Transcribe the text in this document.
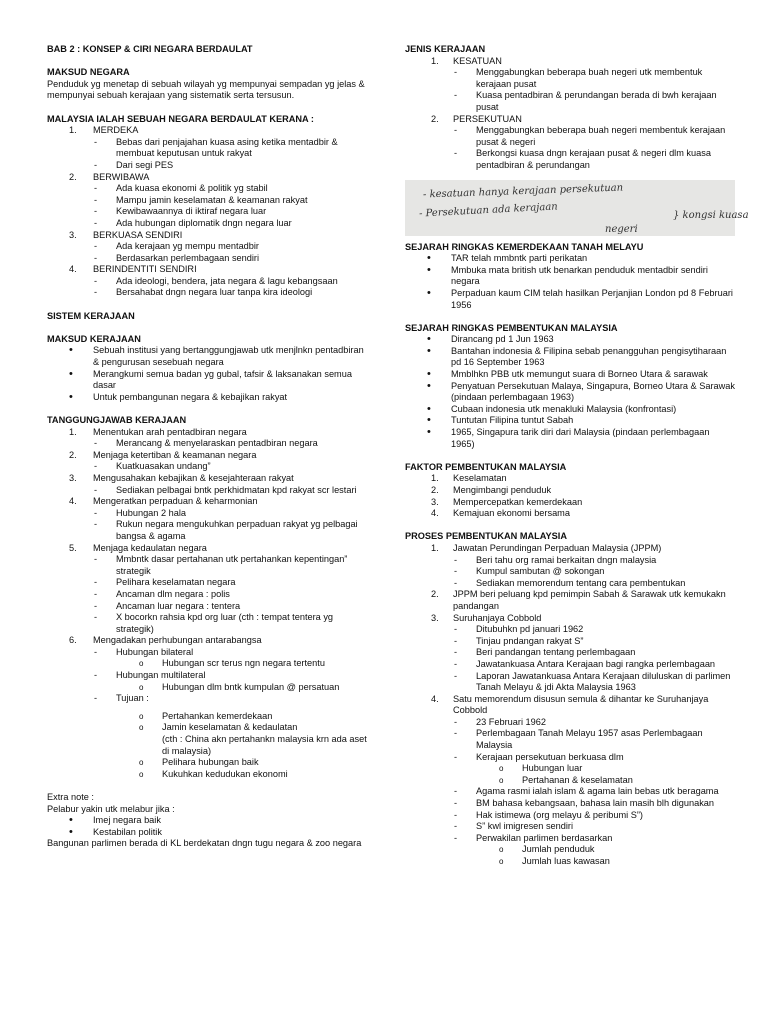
BAB 2 : KONSEP & CIRI NEGARA BERDAULAT

MAKSUD NEGARA

Penduduk yg menetap di sebuah wilayah yg mempunyai sempadan yg jelas & mempunyai sebuah kerajaan yang sistematik serta tersusun.

MALAYSIA IALAH SEBUAH NEGARA BERDAULAT KERANA :

1. MERDEKA
- Bebas dari penjajahan kuasa asing ketika mentadbir & membuat keputusan untuk rakyat
- Dari segi PES
2. BERWIBAWA
- Ada kuasa ekonomi & politik yg stabil
- Mampu jamin keselamatan & keamanan rakyat
- Kewibawaannya di iktiraf negara luar
- Ada hubungan diplomatik dngn negara luar
3. BERKUASA SENDIRI
- Ada kerajaan yg mempu mentadbir
- Berdasarkan perlembagaan sendiri
4. BERINDENTITI SENDIRI
- Ada ideologi, bendera, jata negara & lagu kebangsaan
- Bersahabat dngn negara luar tanpa kira ideologi

SISTEM KERAJAAN

MAKSUD KERAJAAN

• Sebuah institusi yang bertanggungjawab utk menjlnkn pentadbiran & pengurusan sesebuah negara
• Merangkumi semua badan yg gubal, tafsir & laksanakan semua dasar
• Untuk pembangunan negara & kebajikan rakyat

TANGGUNGJAWAB KERAJAAN

1. Menentukan arah pentadbiran negara
- Merancang & menyelaraskan pentadbiran negara
2. Menjaga ketertiban & keamanan negara
- Kuatkuasakan undang”
3. Mengusahakan kebajikan & kesejahteraan rakyat
- Sediakan pelbagai bntk perkhidmatan kpd rakyat scr lestari
4. Mengeratkan perpaduan & keharmonian
- Hubungan 2 hala
- Rukun negara mengukuhkan perpaduan rakyat yg pelbagai bangsa & agama
5. Menjaga kedaulatan negara
- Mmbntk dasar pertahanan utk pertahankan kepentingan” strategik
- Pelihara keselamatan negara
- Ancaman dlm negara : polis
- Ancaman luar negara : tentera
- X bocorkn rahsia kpd org luar (cth : tempat tentera yg strategik)
6. Mengadakan perhubungan antarabangsa
- Hubungan bilateral
o Hubungan scr terus ngn negara tertentu
- Hubungan multilateral
o Hubungan dlm bntk kumpulan @ persatuan
- Tujuan :
o Pertahankan kemerdekaan
o Jamin keselamatan & kedaulatan
(cth : China akn pertahankn malaysia krn ada aset di malaysia)
o Pelihara hubungan baik
o Kukuhkan kedudukan ekonomi

Extra note :

Pelabur yakin utk melabur jika :

• Imej negara baik
• Kestabilan politik

Bangunan parlimen berada di KL berdekatan dngn tugu negara & zoo negara

JENIS KERAJAAN

1. KESATUAN
- Menggabungkan beberapa buah negeri utk membentuk kerajaan pusat
- Kuasa pentadbiran & perundangan berada di bwh kerajaan pusat
2. PERSEKUTUAN
- Menggabungkan beberapa buah negeri membentuk kerajaan pusat & negeri
- Berkongsi kuasa dngn kerajaan pusat & negeri dlm kuasa pentadbiran & perundangan
- kesatuan hanya kerajaan persekutuan
- Persekutuan ada kerajaan
negeri
} kongsi kuasa

SEJARAH RINGKAS KEMERDEKAAN TANAH MELAYU

• TAR telah mmbntk parti perikatan
• Mmbuka mata british utk benarkan penduduk mentadbir sendiri negara
• Perpaduan kaum CIM telah hasilkan Perjanjian London pd 8 Februari 1956

SEJARAH RINGKAS PEMBENTUKAN MALAYSIA

• Dirancang pd 1 Jun 1963
• Bantahan indonesia & Filipina sebab penangguhan pengisytiharaan pd 16 September 1963
• Mmblhkn PBB utk memungut suara di Borneo Utara & sarawak
• Penyatuan Persekutuan Malaya, Singapura, Borneo Utara & Sarawak (pindaan perlembagaan 1963)
• Cubaan indonesia utk menakluki Malaysia (konfrontasi)
• Tuntutan Filipina tuntut Sabah
• 1965, Singapura tarik diri dari Malaysia (pindaan perlembagaan 1965)

FAKTOR PEMBENTUKAN MALAYSIA

1. Keselamatan
2. Mengimbangi penduduk
3. Mempercepatkan kemerdekaan
4. Kemajuan ekonomi bersama

PROSES PEMBENTUKAN MALAYSIA

1. Jawatan Perundingan Perpaduan Malaysia (JPPM)
- Beri tahu org ramai berkaitan dngn malaysia
- Kumpul sambutan @ sokongan
- Sediakan memorendum tentang cara pembentukan
2. JPPM beri peluang kpd pemimpin Sabah & Sarawak utk kemukakn pandangan
3. Suruhanjaya Cobbold
- Ditubuhkn pd januari 1962
- Tinjau pndangan rakyat S”
- Beri pandangan tentang perlembagaan
- Jawatankuasa Antara Kerajaan bagi rangka perlembagaan
- Laporan Jawatankuasa Antara Kerajaan diluluskan di parlimen Tanah Melayu & jdi Akta Malaysia 1963
4. Satu memorendum disusun semula & dihantar ke Suruhanjaya Cobbold
- 23 Februari 1962
- Perlembagaan Tanah Melayu 1957 asas Perlembagaan Malaysia
- Kerajaan persekutuan berkuasa dlm
o Hubungan luar
o Pertahanan & keselamatan
- Agama rasmi ialah islam & agama lain bebas utk beragama
- BM bahasa kebangsaan, bahasa lain masih blh digunakan
- Hak istimewa (org melayu & peribumi S”)
- S” kwl imigresen sendiri
- Perwakilan parlimen berdasarkan
o Jumlah penduduk
o Jumlah luas kawasan
